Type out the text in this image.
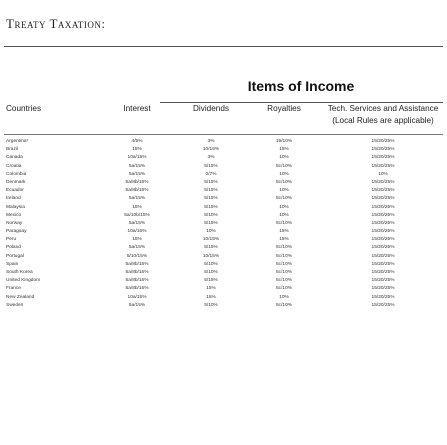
Treaty Taxation:
Items of Income
Countries	Interest	Dividends	Royalties	Tech. Services and Assistance
(Local Rules are applicable)
Argentina*	4/5%	3%	15/10%	15/20/25%
Brazil	15%	10/15%	15%	15/20/25%
Canada	10a/15%	3%	10%	15/20/25%
Croatia	5a/15%	5/15%	5c/10%	15/20/25%
Colombia	5a/15%	0/7%	10%	10%
Denmark	5a/8b/15%	5/15%	5c/10%	15/20/25%
Ecuador	5a/8b/15%	5/15%	10%	15/20/25%
Ireland	5a/15%	5/15%	5c/10%	15/20/25%
Malaysia	15%	5/15%	10%	15/20/25%
Mexico	5a/10b/15%	5/10%	10%	15/20/25%
Norway	5a/15%	5/15%	5c/10%	15/20/25%
Paraguay	10a/15%	10%	15%	15/20/25%
Peru	15%	10/15%	15%	15/20/25%
Poland	5a/15%	5/15%	5c/10%	15/20/25%
Portugal	5/10/15%	10/15%	5c/10%	15/20/25%
Spain	5a/8b/15%	5/10%	5c/10%	15/20/25%
South Korea	5a/8b/15%	5/10%	5c/10%	15/20/25%
United Kingdom	5a/8b/15%	5/15%	5c/10%	15/20/25%
France	5a/8b/15%	15%	5c/10%	15/20/25%
New Zealand	10a/15%	15%	10%	15/20/25%
Sweden	5a/15%	5/10%	5c/10%	15/20/25%
